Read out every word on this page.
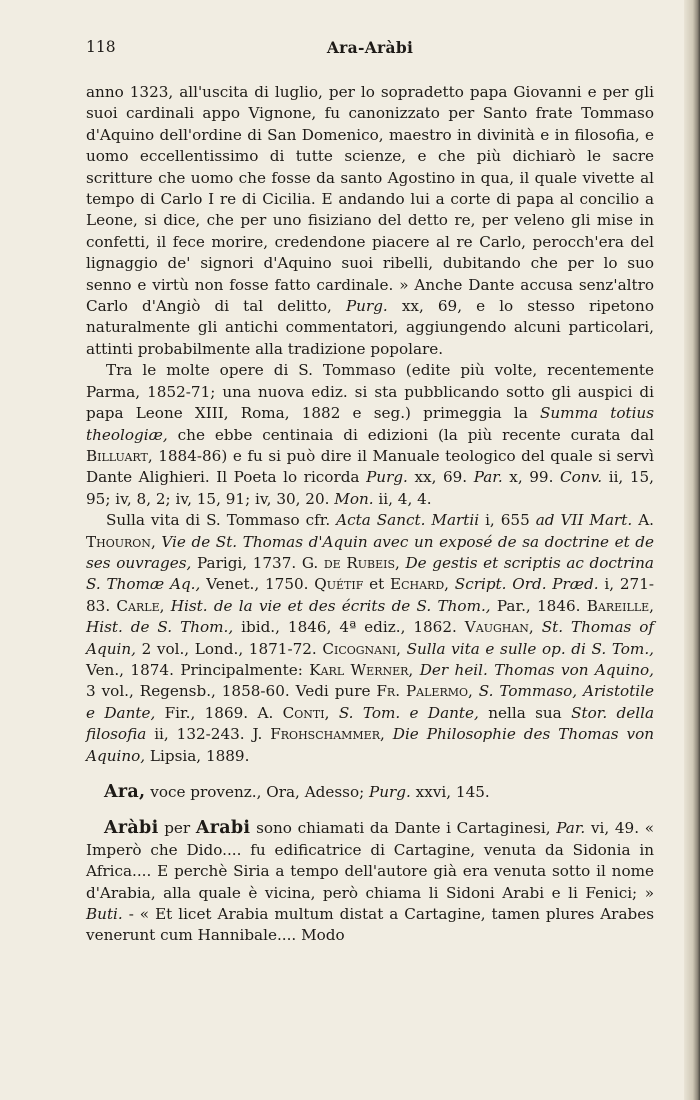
118	Ara-Aràbi

anno 1323, all'uscita di luglio, per lo sopradetto papa Giovanni e per gli suoi cardinali appo Vignone, fu canonizzato per Santo frate Tommaso d'Aquino dell'ordine di San Domenico, maestro in divinità e in filosofia, e uomo eccellentissimo di tutte scienze, e che più dichiarò le sacre scritture che uomo che fosse da santo Agostino in qua, il quale vivette al tempo di Carlo I re di Cicilia. E andando lui a corte di papa al concilio a Leone, si dice, che per uno fisiziano del detto re, per veleno gli mise in confetti, il fece morire, credendone piacere al re Carlo, perocch'era del lignaggio de' signori d'Aquino suoi ribelli, dubitando che per lo suo senno e virtù non fosse fatto cardinale. » Anche Dante accusa senz'altro Carlo d'Angiò di tal delitto, Purg. xx, 69, e lo stesso ripetono naturalmente gli antichi commentatori, aggiungendo alcuni particolari, attinti probabilmente alla tradizione popolare.

Tra le molte opere di S. Tommaso (edite più volte, recentemente Parma, 1852-71; una nuova ediz. si sta pubblicando sotto gli auspici di papa Leone XIII, Roma, 1882 e seg.) primeggia la Summa totius theologiæ, che ebbe centinaia di edizioni (la più recente curata dal Billuart, 1884-86) e fu si può dire il Manuale teologico del quale si servì Dante Alighieri. Il Poeta lo ricorda Purg. xx, 69. Par. x, 99. Conv. ii, 15, 95; iv, 8, 2; iv, 15, 91; iv, 30, 20. Mon. ii, 4, 4.

Sulla vita di S. Tommaso cfr. Acta Sanct. Martii i, 655 ad VII Mart. A. Thouron, Vie de St. Thomas d'Aquin avec un exposé de sa doctrine et de ses ouvrages, Parigi, 1737. G. de Rubeis, De gestis et scriptis ac doctrina S. Thomæ Aq., Venet., 1750. Quétif et Echard, Script. Ord. Præd. i, 271-83. Carle, Hist. de la vie et des écrits de S. Thom., Par., 1846. Bareille, Hist. de S. Thom., ibid., 1846, 4ª ediz., 1862. Vaughan, St. Thomas of Aquin, 2 vol., Lond., 1871-72. Cicognani, Sulla vita e sulle op. di S. Tom., Ven., 1874. Principalmente: Karl Werner, Der heil. Thomas von Aquino, 3 vol., Regensb., 1858-60. Vedi pure Fr. Palermo, S. Tommaso, Aristotile e Dante, Fir., 1869. A. Conti, S. Tom. e Dante, nella sua Stor. della filosofia ii, 132-243. J. Frohschammer, Die Philosophie des Thomas von Aquino, Lipsia, 1889.

Ara, voce provenz., Ora, Adesso; Purg. xxvi, 145.

Aràbi per Arabi sono chiamati da Dante i Cartaginesi, Par. vi, 49. « Imperò che Dido.... fu edificatrice di Cartagine, venuta da Sidonia in Africa.... E perchè Siria a tempo dell'autore già era venuta sotto il nome d'Arabia, alla quale è vicina, però chiama li Sidoni Arabi e li Fenici; » Buti. - « Et licet Arabia multum distat a Cartagine, tamen plures Arabes venerunt cum Hannibale.... Modo
